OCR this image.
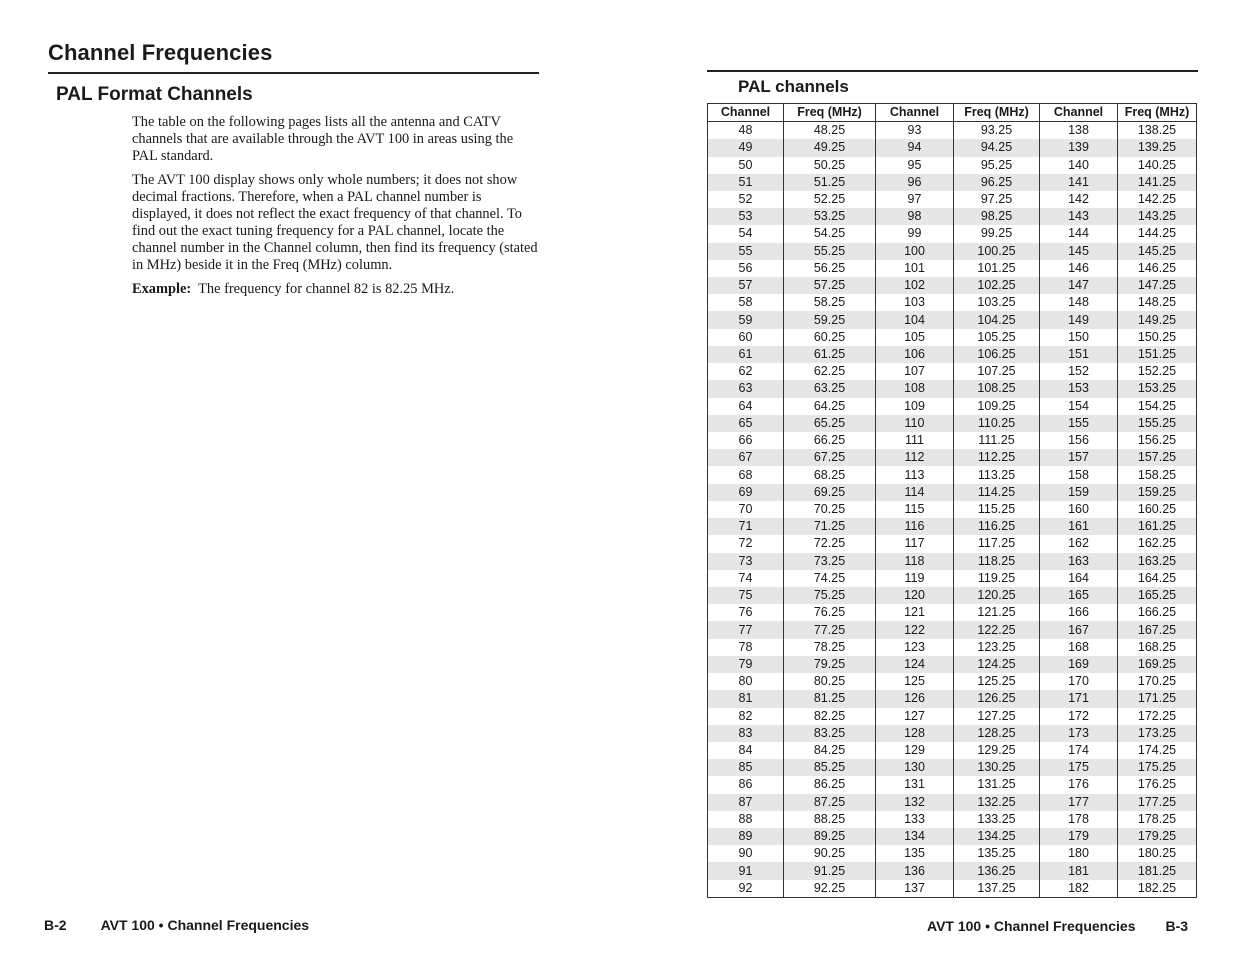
Channel Frequencies
PAL Format Channels

The table on the following pages lists all the antenna and CATV channels that are available through the AVT 100 in areas using the PAL standard.

The AVT 100 display shows only whole numbers; it does not show decimal fractions. Therefore, when a PAL channel number is displayed, it does not reflect the exact frequency of that channel. To find out the exact tuning frequency for a PAL channel, locate the channel number in the Channel column, then find its frequency (stated in MHz) beside it in the Freq (MHz) column.

Example: The frequency for channel 82 is 82.25 MHz.

B-2 AVT 100 • Channel Frequencies
PAL channels
Channel	Freq (MHz)	Channel	Freq (MHz)	Channel	Freq (MHz)
48	48.25	93	93.25	138	138.25
49	49.25	94	94.25	139	139.25
50	50.25	95	95.25	140	140.25
51	51.25	96	96.25	141	141.25
52	52.25	97	97.25	142	142.25
53	53.25	98	98.25	143	143.25
54	54.25	99	99.25	144	144.25
55	55.25	100	100.25	145	145.25
56	56.25	101	101.25	146	146.25
57	57.25	102	102.25	147	147.25
58	58.25	103	103.25	148	148.25
59	59.25	104	104.25	149	149.25
60	60.25	105	105.25	150	150.25
61	61.25	106	106.25	151	151.25
62	62.25	107	107.25	152	152.25
63	63.25	108	108.25	153	153.25
64	64.25	109	109.25	154	154.25
65	65.25	110	110.25	155	155.25
66	66.25	111	111.25	156	156.25
67	67.25	112	112.25	157	157.25
68	68.25	113	113.25	158	158.25
69	69.25	114	114.25	159	159.25
70	70.25	115	115.25	160	160.25
71	71.25	116	116.25	161	161.25
72	72.25	117	117.25	162	162.25
73	73.25	118	118.25	163	163.25
74	74.25	119	119.25	164	164.25
75	75.25	120	120.25	165	165.25
76	76.25	121	121.25	166	166.25
77	77.25	122	122.25	167	167.25
78	78.25	123	123.25	168	168.25
79	79.25	124	124.25	169	169.25
80	80.25	125	125.25	170	170.25
81	81.25	126	126.25	171	171.25
82	82.25	127	127.25	172	172.25
83	83.25	128	128.25	173	173.25
84	84.25	129	129.25	174	174.25
85	85.25	130	130.25	175	175.25
86	86.25	131	131.25	176	176.25
87	87.25	132	132.25	177	177.25
88	88.25	133	133.25	178	178.25
89	89.25	134	134.25	179	179.25
90	90.25	135	135.25	180	180.25
91	91.25	136	136.25	181	181.25
92	92.25	137	137.25	182	182.25
AVT 100 • Channel Frequencies B-3
